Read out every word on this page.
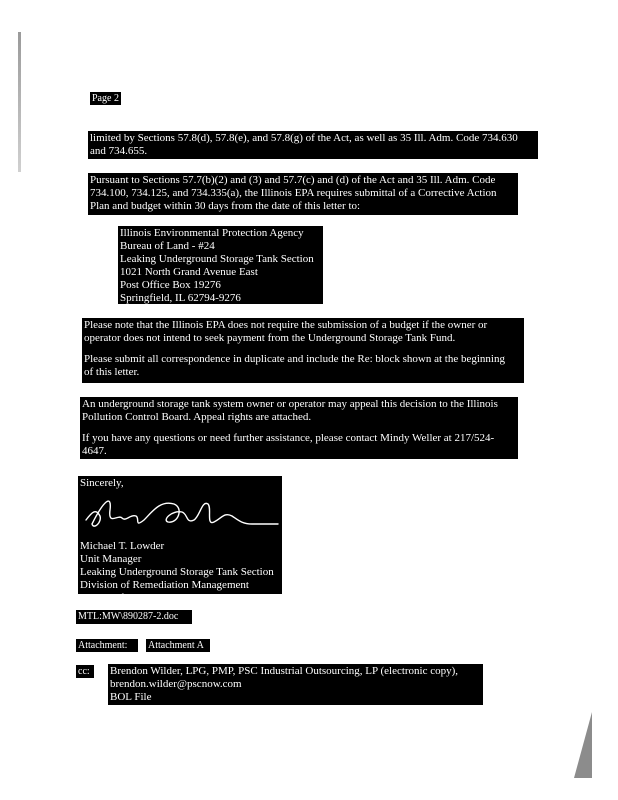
Page 2
limited by Sections 57.8(d), 57.8(e), and 57.8(g) of the Act, as well as 35 Ill. Adm. Code 734.630
and 734.655.
Pursuant to Sections 57.7(b)(2) and (3) and 57.7(c) and (d) of the Act and 35 Ill. Adm. Code
734.100, 734.125, and 734.335(a), the Illinois EPA requires submittal of a Corrective Action
Plan and budget within 30 days from the date of this letter to:
Illinois Environmental Protection Agency
Bureau of Land - #24
Leaking Underground Storage Tank Section
1021 North Grand Avenue East
Post Office Box 19276
Springfield, IL 62794-9276
Please note that the Illinois EPA does not require the submission of a budget if the owner or
operator does not intend to seek payment from the Underground Storage Tank Fund.
Please submit all correspondence in duplicate and include the Re: block shown at the beginning
of this letter.
An underground storage tank system owner or operator may appeal this decision to the Illinois
Pollution Control Board. Appeal rights are attached.
If you have any questions or need further assistance, please contact Mindy Weller at 217/524-
4647.
Sincerely,
Michael T. Lowder
Unit Manager
Leaking Underground Storage Tank Section
Division of Remediation Management
Bureau of Land
MTL:MW\890287-2.doc
Attachment:	Attachment A
cc:	Brendon Wilder, LPG, PMP, PSC Industrial Outsourcing, LP (electronic copy),
brendon.wilder@pscnow.com
BOL File
